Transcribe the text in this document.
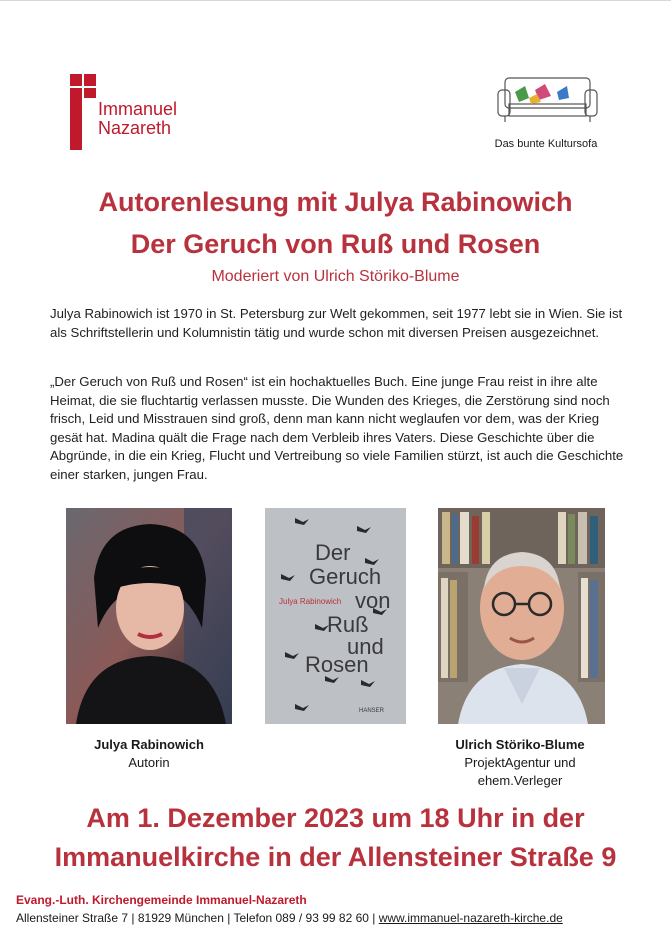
Immanuel
Nazareth
Das bunte Kultursofa
Autorenlesung mit Julya Rabinowich
Der Geruch von Ruß und Rosen
Moderiert von Ulrich Störiko-Blume

Julya Rabinowich ist 1970 in St. Petersburg zur Welt gekommen, seit 1977 lebt sie in Wien. Sie ist als Schriftstellerin und Kolumnistin tätig und wurde schon mit diversen Preisen ausgezeichnet.

„Der Geruch von Ruß und Rosen“ ist ein hochaktuelles Buch. Eine junge Frau reist in ihre alte Heimat, die sie fluchtartig verlassen musste. Die Wunden des Krieges, die Zerstörung sind noch frisch, Leid und Misstrauen sind groß, denn man kann nicht weglaufen vor dem, was der Krieg gesät hat. Madina quält die Frage nach dem Verbleib ihres Vaters. Diese Geschichte über die Abgründe, in die ein Krieg, Flucht und Vertreibung so viele Familien stürzt, ist auch die Geschichte einer starken, jungen Frau.

Der
Geruch
von
Ruß
und
Rosen
Julya Rabinowich
HANSER
Julya Rabinowich
Autorin
Ulrich Störiko-Blume
ProjektAgentur und
ehem.Verleger
Am 1. Dezember 2023 um 18 Uhr in der
Immanuelkirche in der Allensteiner Straße 9
Evang.-Luth. Kirchengemeinde Immanuel-Nazareth
Allensteiner Straße 7 | 81929 München | Telefon 089 / 93 99 82 60 | www.immanuel-nazareth-kirche.de
